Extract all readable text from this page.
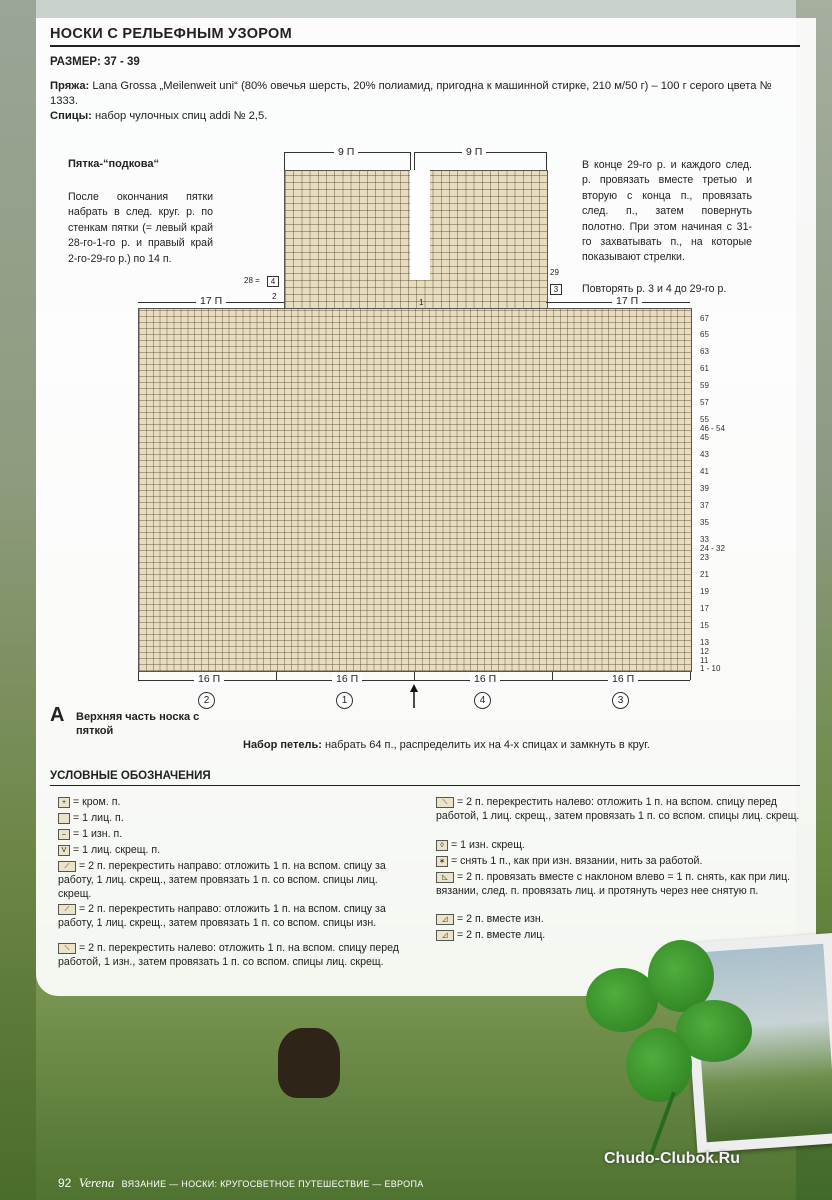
НОСКИ С РЕЛЬЕФНЫМ УЗОРОМ
РАЗМЕР: 37 - 39
Пряжа: Lana Grossa „Meilenweit uni“ (80% овечья шерсть, 20% полиамид, пригодна к машинной стирке, 210 м/50 г) – 100 г серого цвета № 1333.
Спицы: набор чулочных спиц addi № 2,5.
Пятка-“подкова“
После окончания пятки набрать в след. круг. р. по стенкам пятки (= левый край 28-го-1-го р. и правый край 2-го-29-го р.) по 14 п.
В конце 29-го р. и каждого след. р. провязать вместе третью и вторую с конца п., провязать след. п., затем повернуть полотно. При этом начиная с 31-го захватывать п., на которые показывают стрелки.
Повторять р. 3 и 4 до 29-го р.
9 П	9 П
28 =	4
2
29
3
1
17 П	17 П
67
65
63
61
59
57
55
46 - 54
45
43
41
39
37
35
33
24 - 32
23
21
19
17
15
13
12
11
1 - 10
16 П	16 П	16 П	16 П
2	1	4	3
A Верхняя часть носка с пяткой
Набор петель: набрать 64 п., распределить их на 4-х спицах и замкнуть в круг.
УСЛОВНЫЕ ОБОЗНАЧЕНИЯ
+ = кром. п.
= 1 лиц. п.
– = 1 изн. п.
V = 1 лиц. скрещ. п.
⟋ = 2 п. перекрестить направо: отложить 1 п. на вспом. спицу за работу, 1 лиц. скрещ., затем провязать 1 п. со вспом. спицы лиц. скрещ.
⟋ = 2 п. перекрестить направо: отложить 1 п. на вспом. спицу за работу, 1 лиц. скрещ., затем провязать 1 п. со вспом. спицы изн.
⟍ = 2 п. перекрестить налево: отложить 1 п. на вспом. спицу перед работой, 1 изн., затем провязать 1 п. со вспом. спицы лиц. скрещ.
⟍ = 2 п. перекрестить налево: отложить 1 п. на вспом. спицу перед работой, 1 лиц. скрещ., затем провязать 1 п. со вспом. спицы лиц. скрещ.
◊ = 1 изн. скрещ.
∗ = снять 1 п., как при изн. вязании, нить за работой.
◺ = 2 п. провязать вместе с наклоном влево = 1 п. снять, как при лиц. вязании, след. п. провязать лиц. и протянуть через нее снятую п.
◿ = 2 п. вместе изн.
◿ = 2 п. вместе лиц.
92 Verena ВЯЗАНИЕ — НОСКИ: КРУГОСВЕТНОЕ ПУТЕШЕСТВИЕ — ЕВРОПА
Chudo-Clubok.Ru
